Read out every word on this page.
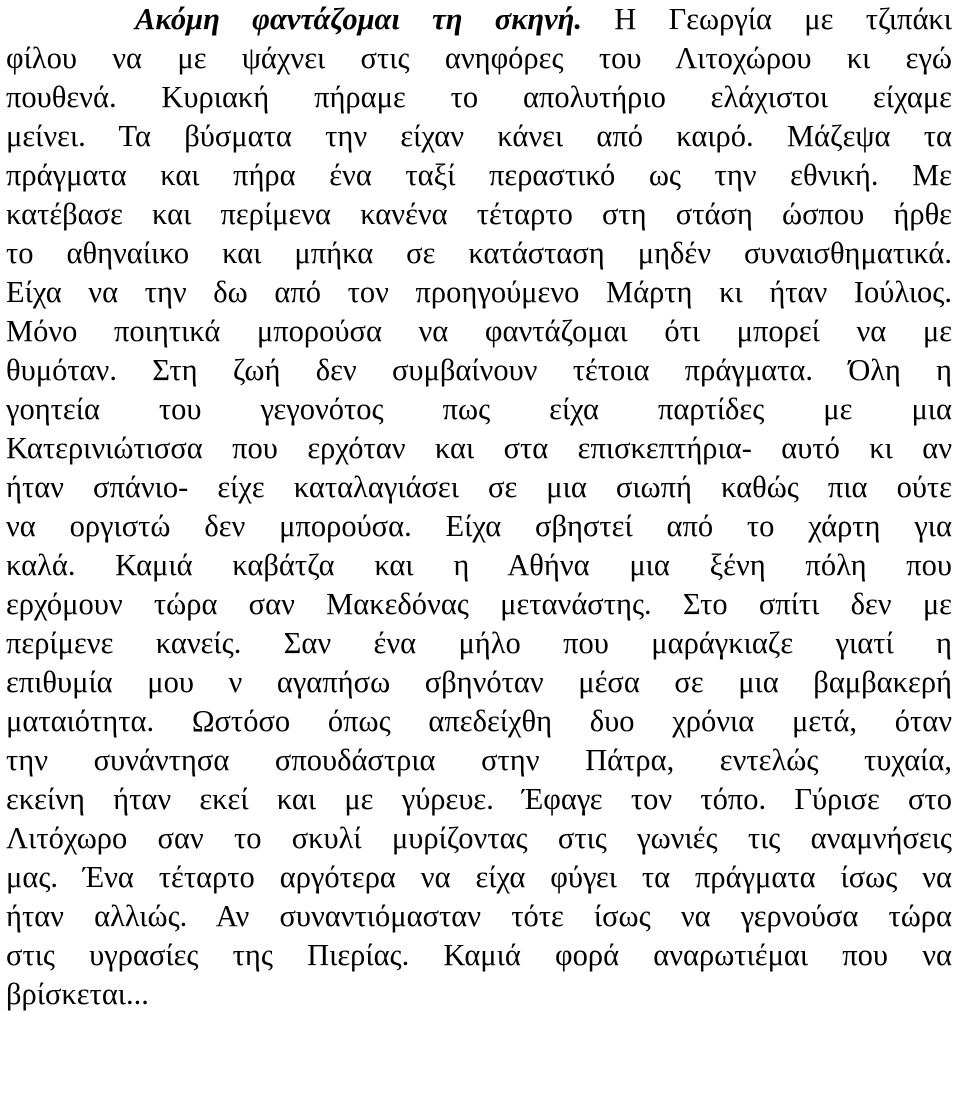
Ακόμη φαντάζομαι τη σκηνή. Η Γεωργία με τζιπάκι
φίλου να με ψάχνει στις ανηφόρες του Λιτοχώρου κι εγώ
πουθενά. Κυριακή πήραμε το απολυτήριο ελάχιστοι είχαμε
μείνει. Τα βύσματα την είχαν κάνει από καιρό. Μάζεψα τα
πράγματα και πήρα ένα ταξί περαστικό ως την εθνική. Με
κατέβασε και περίμενα κανένα τέταρτο στη στάση ώσπου ήρθε
το αθηναίικο και μπήκα σε κατάσταση μηδέν συναισθηματικά.
Είχα να την δω από τον προηγούμενο Μάρτη κι ήταν Ιούλιος.
Μόνο ποιητικά μπορούσα να φαντάζομαι ότι μπορεί να με
θυμόταν. Στη ζωή δεν συμβαίνουν τέτοια πράγματα. Όλη η
γοητεία του γεγονότος πως είχα παρτίδες με μια
Κατερινιώτισσα που ερχόταν και στα επισκεπτήρια- αυτό κι αν
ήταν σπάνιο- είχε καταλαγιάσει σε μια σιωπή καθώς πια ούτε
να οργιστώ δεν μπορούσα. Είχα σβηστεί από το χάρτη για
καλά. Καμιά καβάτζα και η Αθήνα μια ξένη πόλη που
ερχόμουν τώρα σαν Μακεδόνας μετανάστης. Στο σπίτι δεν με
περίμενε κανείς. Σαν ένα μήλο που μαράγκιαζε γιατί η
επιθυμία μου ν αγαπήσω σβηνόταν μέσα σε μια βαμβακερή
ματαιότητα. Ωστόσο όπως απεδείχθη δυο χρόνια μετά, όταν
την συνάντησα σπουδάστρια στην Πάτρα, εντελώς τυχαία,
εκείνη ήταν εκεί και με γύρευε. Έφαγε τον τόπο. Γύρισε στο
Λιτόχωρο σαν το σκυλί μυρίζοντας στις γωνιές τις αναμνήσεις
μας. Ένα τέταρτο αργότερα να είχα φύγει τα πράγματα ίσως να
ήταν αλλιώς. Αν συναντιόμασταν τότε ίσως να γερνούσα τώρα
στις υγρασίες της Πιερίας. Καμιά φορά αναρωτιέμαι που να
βρίσκεται...
